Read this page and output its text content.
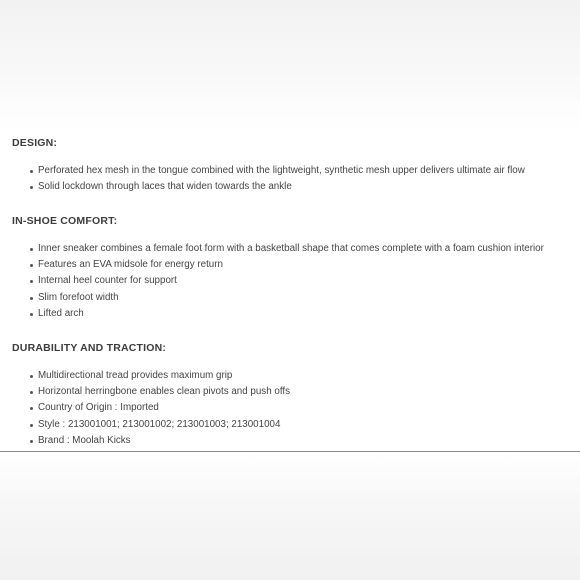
DESIGN:
Perforated hex mesh in the tongue combined with the lightweight, synthetic mesh upper delivers ultimate air flow
Solid lockdown through laces that widen towards the ankle
IN-SHOE COMFORT:
Inner sneaker combines a female foot form with a basketball shape that comes complete with a foam cushion interior
Features an EVA midsole for energy return
Internal heel counter for support
Slim forefoot width
Lifted arch
DURABILITY AND TRACTION:
Multidirectional tread provides maximum grip
Horizontal herringbone enables clean pivots and push offs
Country of Origin : Imported
Style : 213001001; 213001002; 213001003; 213001004
Brand : Moolah Kicks
